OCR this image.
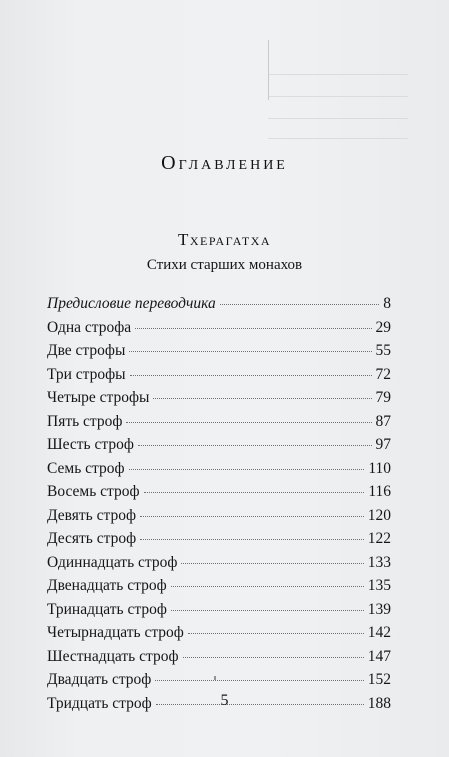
Оглавление
Тхерагатха
Стихи старших монахов
Предисловие переводчика	8
Одна строфа	29
Две строфы	55
Три строфы	72
Четыре строфы	79
Пять строф	87
Шесть строф	97
Семь строф	110
Восемь строф	116
Девять строф	120
Десять строф	122
Одиннадцать строф	133
Двенадцать строф	135
Тринадцать строф	139
Четырнадцать строф	142
Шестнадцать строф	147
Двадцать строф	152
Тридцать строф	188
5
